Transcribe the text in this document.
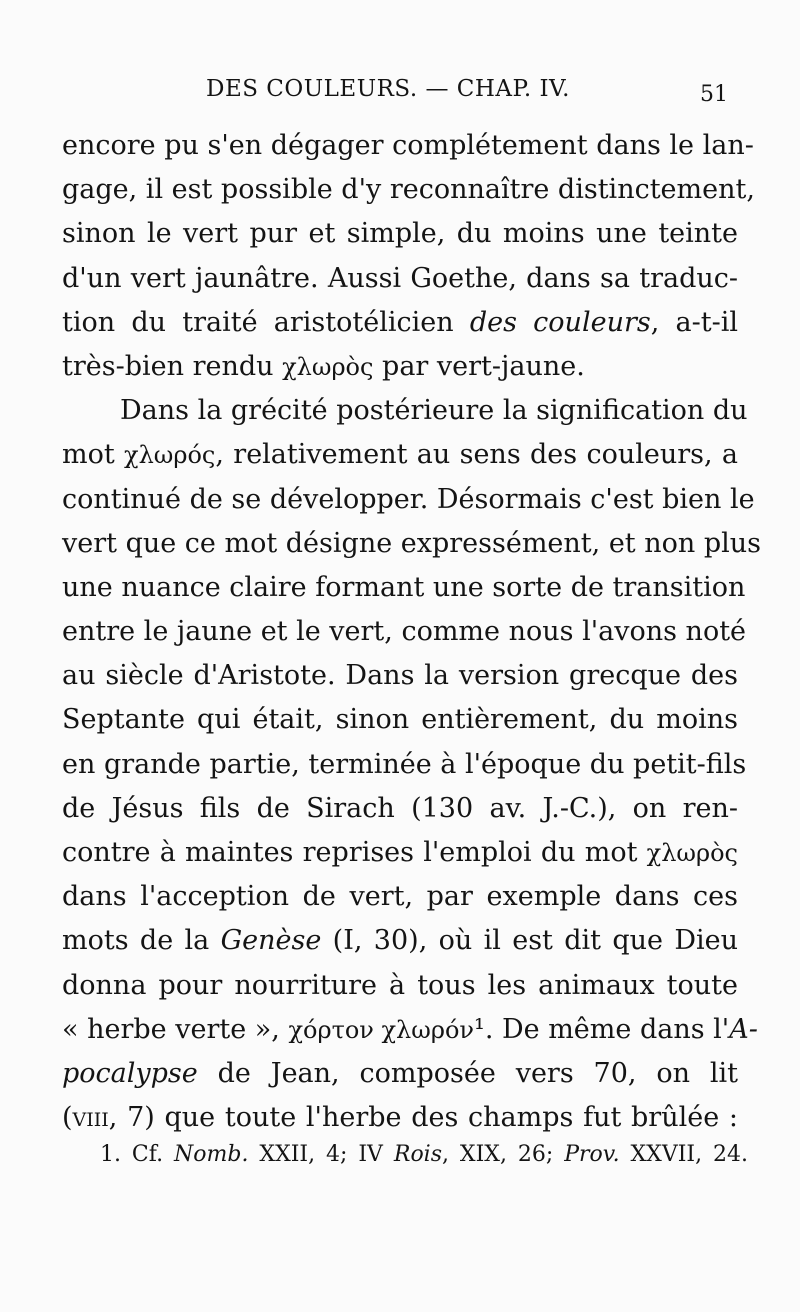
DES COULEURS. — CHAP. IV.	51
encore pu s'en dégager complétement dans le lan-
gage, il est possible d'y reconnaître distinctement,
sinon le vert pur et simple, du moins une teinte
d'un vert jaunâtre. Aussi Goethe, dans sa traduc-
tion du traité aristotélicien des couleurs, a-t-il
très-bien rendu χλωρὸς par vert-jaune.
Dans la grécité postérieure la signification du
mot χλωρός, relativement au sens des couleurs, a
continué de se développer. Désormais c'est bien le
vert que ce mot désigne expressément, et non plus
une nuance claire formant une sorte de transition
entre le jaune et le vert, comme nous l'avons noté
au siècle d'Aristote. Dans la version grecque des
Septante qui était, sinon entièrement, du moins
en grande partie, terminée à l'époque du petit-fils
de Jésus fils de Sirach (130 av. J.-C.), on ren-
contre à maintes reprises l'emploi du mot χλωρὸς
dans l'acception de vert, par exemple dans ces
mots de la Genèse (I, 30), où il est dit que Dieu
donna pour nourriture à tous les animaux toute
« herbe verte », χόρτον χλωρόν¹. De même dans l'A-
pocalypse de Jean, composée vers 70, on lit
(viii, 7) que toute l'herbe des champs fut brûlée :
1. Cf. Nomb. XXII, 4; IV Rois, XIX, 26; Prov. XXVII, 24.
